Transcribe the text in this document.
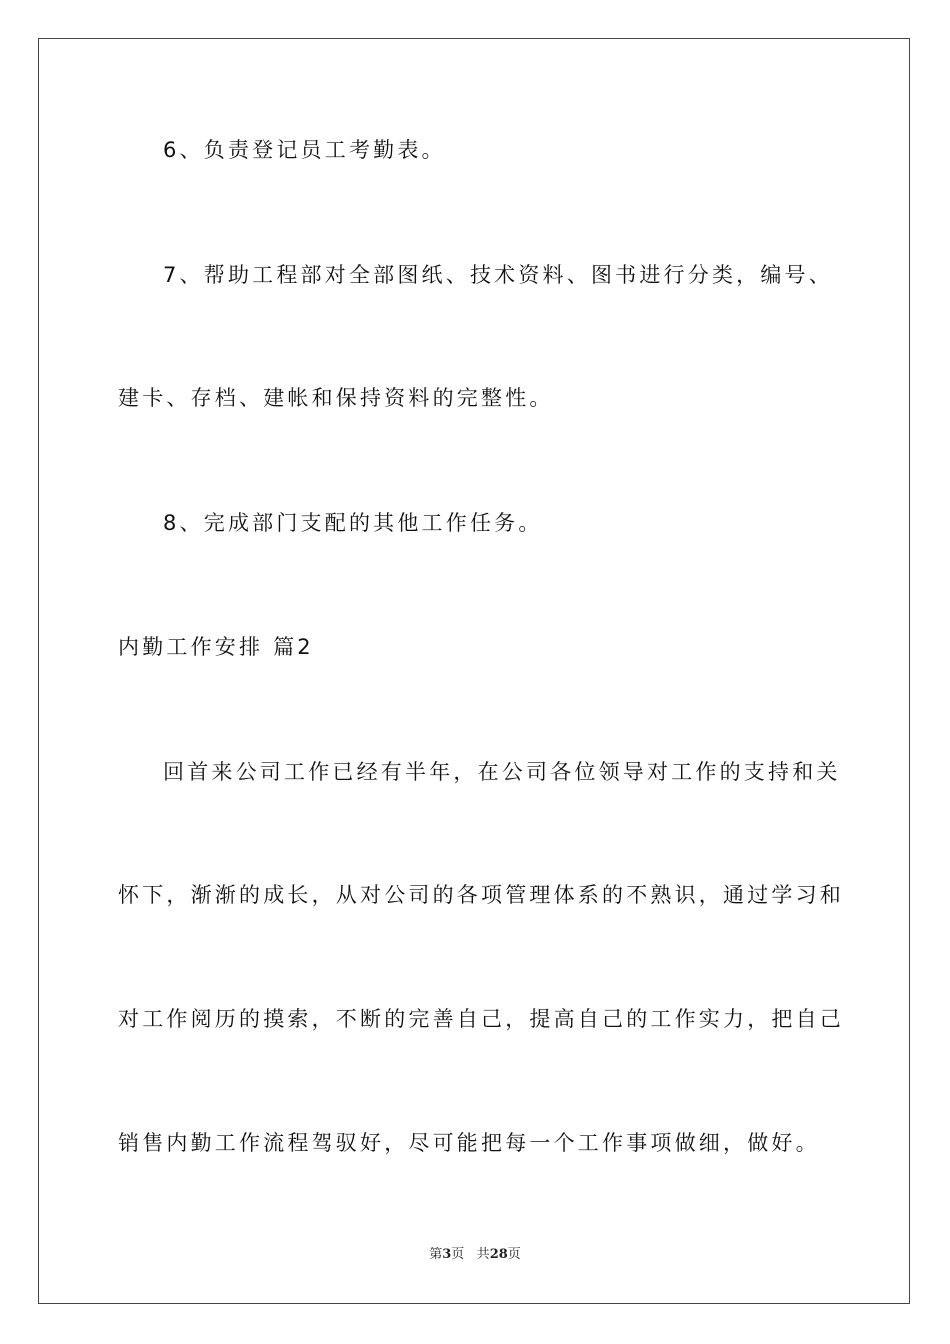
6、负责登记员工考勤表。
7、帮助工程部对全部图纸、技术资料、图书进行分类，编号、
建卡、存档、建帐和保持资料的完整性。
8、完成部门支配的其他工作任务。
内勤工作安排 篇2
回首来公司工作已经有半年，在公司各位领导对工作的支持和关
怀下，渐渐的成长，从对公司的各项管理体系的不熟识，通过学习和
对工作阅历的摸索，不断的完善自己，提高自己的工作实力，把自己
销售内勤工作流程驾驭好，尽可能把每一个工作事项做细，做好。
第3页 共28页
